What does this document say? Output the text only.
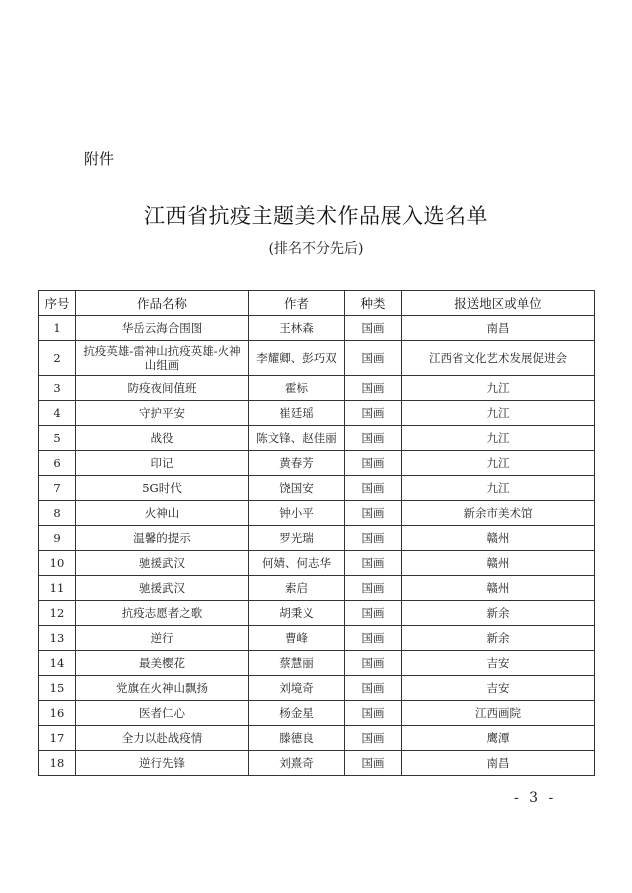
附件
江西省抗疫主题美术作品展入选名单
(排名不分先后)
序号	作品名称	作者	种类	报送地区或单位
1	华岳云海合围图	王林森	国画	南昌
2	抗疫英雄-雷神山抗疫英雄-火神山组画	李耀卿、彭巧双	国画	江西省文化艺术发展促进会
3	防疫夜间值班	霍标	国画	九江
4	守护平安	崔廷瑶	国画	九江
5	战役	陈文锋、赵佳丽	国画	九江
6	印记	黄春芳	国画	九江
7	5G时代	饶国安	国画	九江
8	火神山	钟小平	国画	新余市美术馆
9	温馨的提示	罗光瑞	国画	赣州
10	驰援武汉	何婧、何志华	国画	赣州
11	驰援武汉	索启	国画	赣州
12	抗疫志愿者之歌	胡秉义	国画	新余
13	逆行	曹峰	国画	新余
14	最美樱花	蔡慧丽	国画	吉安
15	党旗在火神山飘扬	刘境奇	国画	吉安
16	医者仁心	杨金星	国画	江西画院
17	全力以赴战疫情	滕德良	国画	鹰潭
18	逆行先锋	刘熹奇	国画	南昌
- 3 -
